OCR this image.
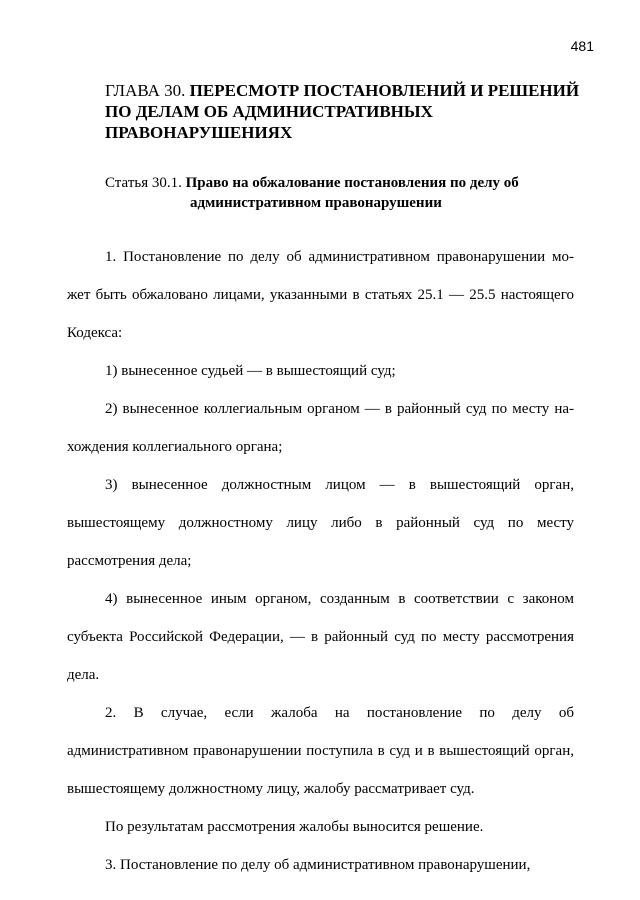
481
ГЛАВА 30. ПЕРЕСМОТР ПОСТАНОВЛЕНИЙ И РЕШЕНИЙ ПО ДЕЛАМ ОБ АДМИНИСТРАТИВНЫХ ПРАВОНАРУШЕНИЯХ
Статья 30.1. Право на обжалование постановления по делу об
административном правонарушении

1. Постановление по делу об административном правонарушении мо-жет быть обжаловано лицами, указанными в статьях 25.1 — 25.5 настоящего Кодекса:

1) вынесенное судьей — в вышестоящий суд;

2) вынесенное коллегиальным органом — в районный суд по месту на-хождения коллегиального органа;

3) вынесенное должностным лицом — в вышестоящий орган, вышестоящему должностному лицу либо в районный суд по месту рассмотрения дела;

4) вынесенное иным органом, созданным в соответствии с законом субъекта Российской Федерации, — в районный суд по месту рассмотрения дела.

2. В случае, если жалоба на постановление по делу об административном правонарушении поступила в суд и в вышестоящий орган, вышестоящему должностному лицу, жалобу рассматривает суд.

По результатам рассмотрения жалобы выносится решение.

3. Постановление по делу об административном правонарушении,
